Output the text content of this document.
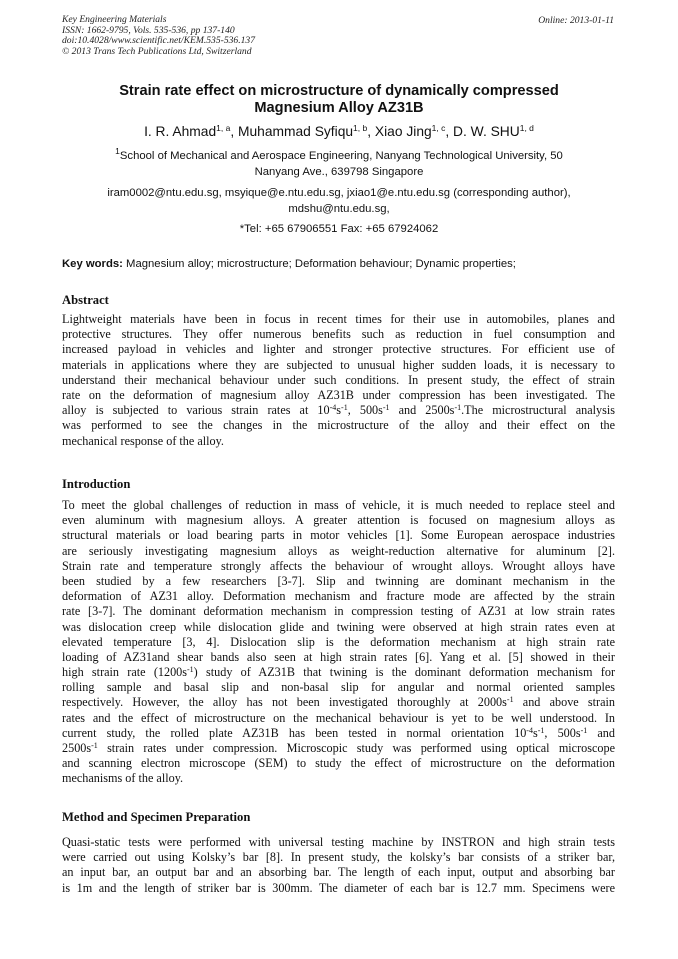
Key Engineering Materials
ISSN: 1662-9795, Vols. 535-536, pp 137-140
doi:10.4028/www.scientific.net/KEM.535-536.137
© 2013 Trans Tech Publications Ltd, Switzerland
Online: 2013-01-11
Strain rate effect on microstructure of dynamically compressed
Magnesium Alloy AZ31B
I. R. Ahmad$^{1, a}$, Muhammad Syfiqu$^{1, b}$, Xiao Jing$^{1, c}$, D. W. SHU$^{1, d}$
$^1$School of Mechanical and Aerospace Engineering, Nanyang Technological University, 50
Nanyang Ave., 639798 Singapore
iram0002@ntu.edu.sg, msyique@e.ntu.edu.sg, jxiao1@e.ntu.edu.sg (corresponding author),
mdshu@ntu.edu.sg,
*Tel: +65 67906551 Fax: +65 67924062
Key words: Magnesium alloy; microstructure; Deformation behaviour; Dynamic properties;
Abstract
Lightweight materials have been in focus in recent times for their use in automobiles, planes and
protective structures. They offer numerous benefits such as reduction in fuel consumption and
increased payload in vehicles and lighter and stronger protective structures. For efficient use of
materials in applications where they are subjected to unusual higher sudden loads, it is necessary to
understand their mechanical behaviour under such conditions. In present study, the effect of strain
rate on the deformation of magnesium alloy AZ31B under compression has been investigated. The
alloy is subjected to various strain rates at $10^{-4}s^{-1}$, $500s^{-1}$ and $2500s^{-1}.The$ microstructural analysis
was performed to see the changes in the microstructure of the alloy and their effect on the
mechanical response of the alloy.
Introduction
To meet the global challenges of reduction in mass of vehicle, it is much needed to replace steel and
even aluminum with magnesium alloys. A greater attention is focused on magnesium alloys as
structural materials or load bearing parts in motor vehicles [1]. Some European aerospace industries
are seriously investigating magnesium alloys as weight-reduction alternative for aluminum [2].
Strain rate and temperature strongly affects the behaviour of wrought alloys. Wrought alloys have
been studied by a few researchers [3-7]. Slip and twinning are dominant mechanism in the
deformation of AZ31 alloy. Deformation mechanism and fracture mode are affected by the strain
rate [3-7]. The dominant deformation mechanism in compression testing of AZ31 at low strain rates
was dislocation creep while dislocation glide and twining were observed at high strain rates even at
elevated temperature [3, 4]. Dislocation slip is the deformation mechanism at high strain rate
loading of AZ31and shear bands also seen at high strain rates [6]. Yang et al. [5] showed in their
high strain rate $(1200s^{-1})$ study of AZ31B that twining is the dominant deformation mechanism for
rolling sample and basal slip and non-basal slip for angular and normal oriented samples
respectively. However, the alloy has not been investigated thoroughly at $2000s^{-1}$ and above strain
rates and the effect of microstructure on the mechanical behaviour is yet to be well understood. In
current study, the rolled plate AZ31B has been tested in normal orientation $10^{-4}s^{-1}$, $500s^{-1}$ and
$2500s^{-1}$ strain rates under compression. Microscopic study was performed using optical microscope
and scanning electron microscope (SEM) to study the effect of microstructure on the deformation
mechanisms of the alloy.
Method and Specimen Preparation
Quasi-static tests were performed with universal testing machine by INSTRON and high strain tests
were carried out using Kolsky’s bar [8]. In present study, the kolsky’s bar consists of a striker bar,
an input bar, an output bar and an absorbing bar. The length of each input, output and absorbing bar
is 1m and the length of striker bar is 300mm. The diameter of each bar is 12.7 mm. Specimens were
